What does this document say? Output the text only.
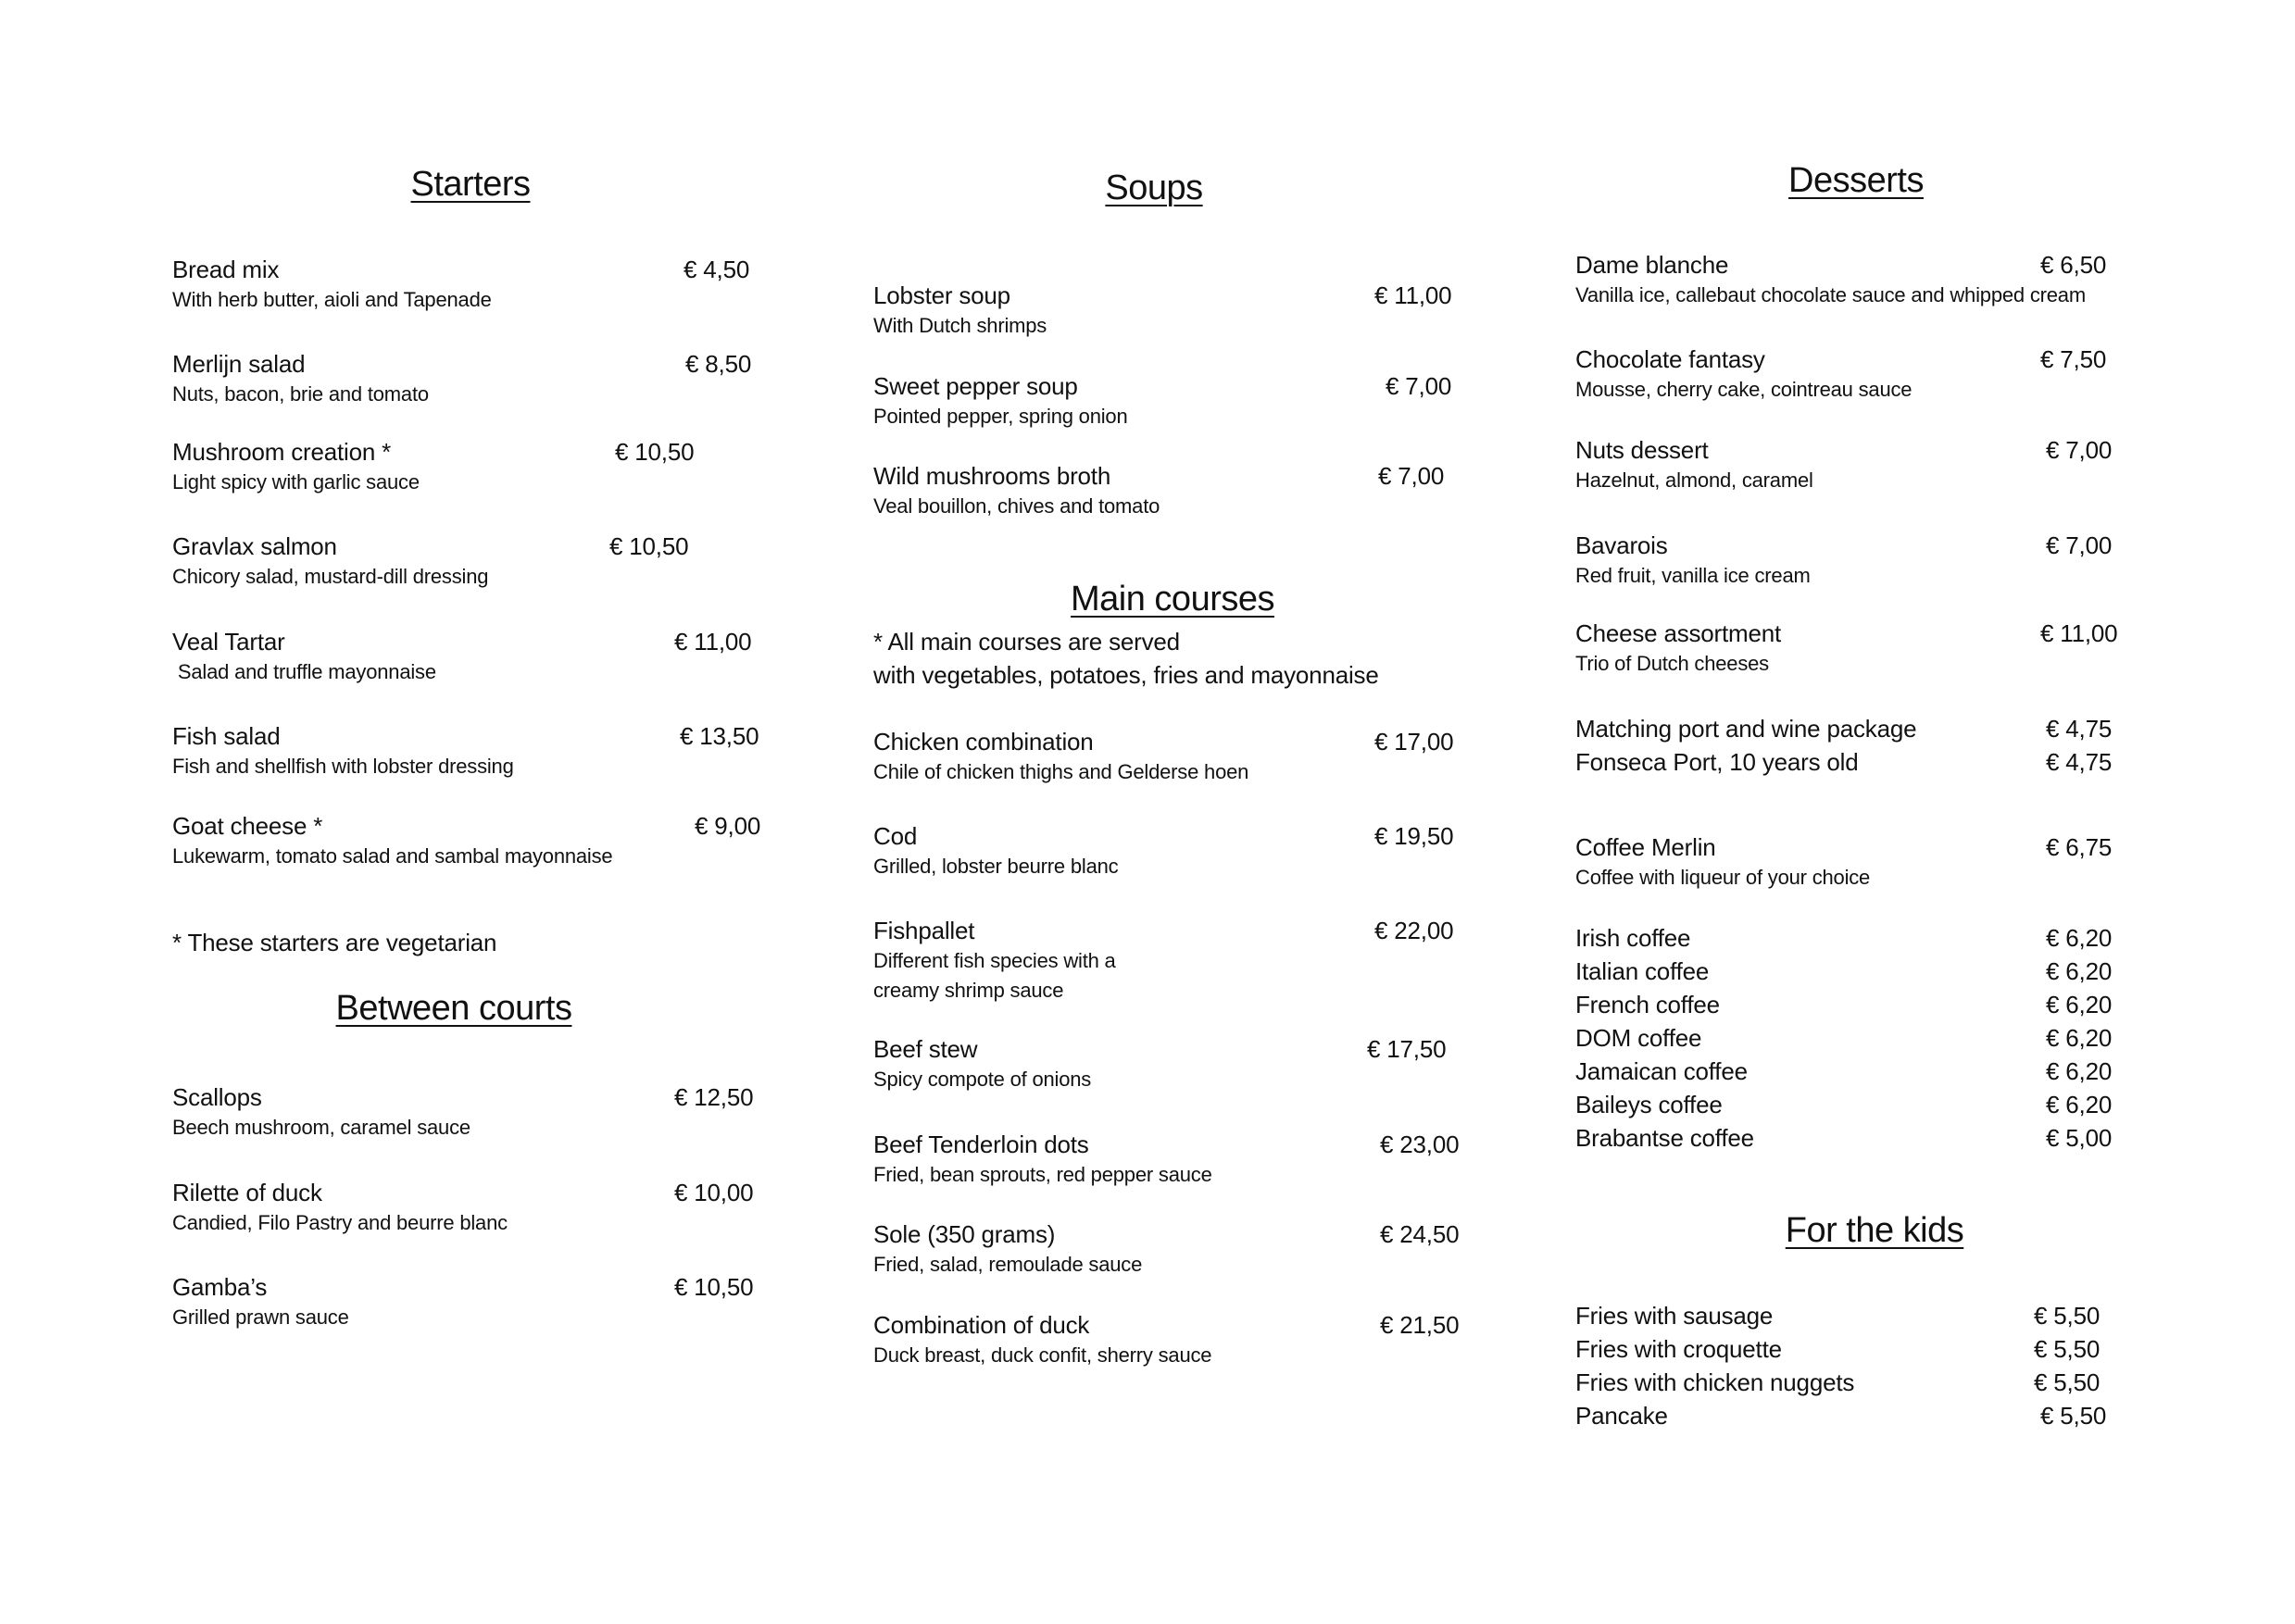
Starters
Bread mix
With herb butter, aioli and Tapenade
€ 4,50
Merlijn salad
Nuts, bacon, brie and tomato
€ 8,50
Mushroom creation *
Light spicy with garlic sauce
€ 10,50
Gravlax salmon
Chicory salad, mustard-dill dressing
€ 10,50
Veal Tartar
Salad and truffle mayonnaise
€ 11,00
Fish salad
Fish and shellfish with lobster dressing
€ 13,50
Goat cheese *
Lukewarm, tomato salad and sambal mayonnaise
€ 9,00
* These starters are vegetarian
Between courts
Scallops
Beech mushroom, caramel sauce
€ 12,50
Rilette of duck
Candied, Filo Pastry and beurre blanc
€ 10,00
Gamba’s
Grilled prawn sauce
€ 10,50
Soups
Lobster soup
With Dutch shrimps
€ 11,00
Sweet pepper soup
Pointed pepper, spring onion
€ 7,00
Wild mushrooms broth
Veal bouillon, chives and tomato
€ 7,00
Main courses
* All main courses are served
with vegetables, potatoes, fries and mayonnaise
Chicken combination
Chile of chicken thighs and Gelderse hoen
€ 17,00
Cod
Grilled, lobster beurre blanc
€ 19,50
Fishpallet
Different fish species with a
creamy shrimp sauce
€ 22,00
Beef stew
Spicy compote of onions
€ 17,50
Beef Tenderloin dots
Fried, bean sprouts, red pepper sauce
€ 23,00
Sole (350 grams)
Fried, salad, remoulade sauce
€ 24,50
Combination of duck
Duck breast, duck confit, sherry sauce
€ 21,50
Desserts
Dame blanche
Vanilla ice, callebaut chocolate sauce and whipped cream
€ 6,50
Chocolate fantasy
Mousse, cherry cake, cointreau sauce
€ 7,50
Nuts dessert
Hazelnut, almond, caramel
€ 7,00
Bavarois
Red fruit, vanilla ice cream
€ 7,00
Cheese assortment
Trio of Dutch cheeses
€ 11,00
Matching port and wine package	€ 4,75
Fonseca Port, 10 years old	€ 4,75
Coffee Merlin
Coffee with liqueur of your choice
€ 6,75
Irish coffee	€ 6,20
Italian coffee	€ 6,20
French coffee	€ 6,20
DOM coffee	€ 6,20
Jamaican coffee	€ 6,20
Baileys coffee	€ 6,20
Brabantse coffee	€ 5,00
For the kids
Fries with sausage	€ 5,50
Fries with croquette	€ 5,50
Fries with chicken nuggets	€ 5,50
Pancake	€ 5,50
